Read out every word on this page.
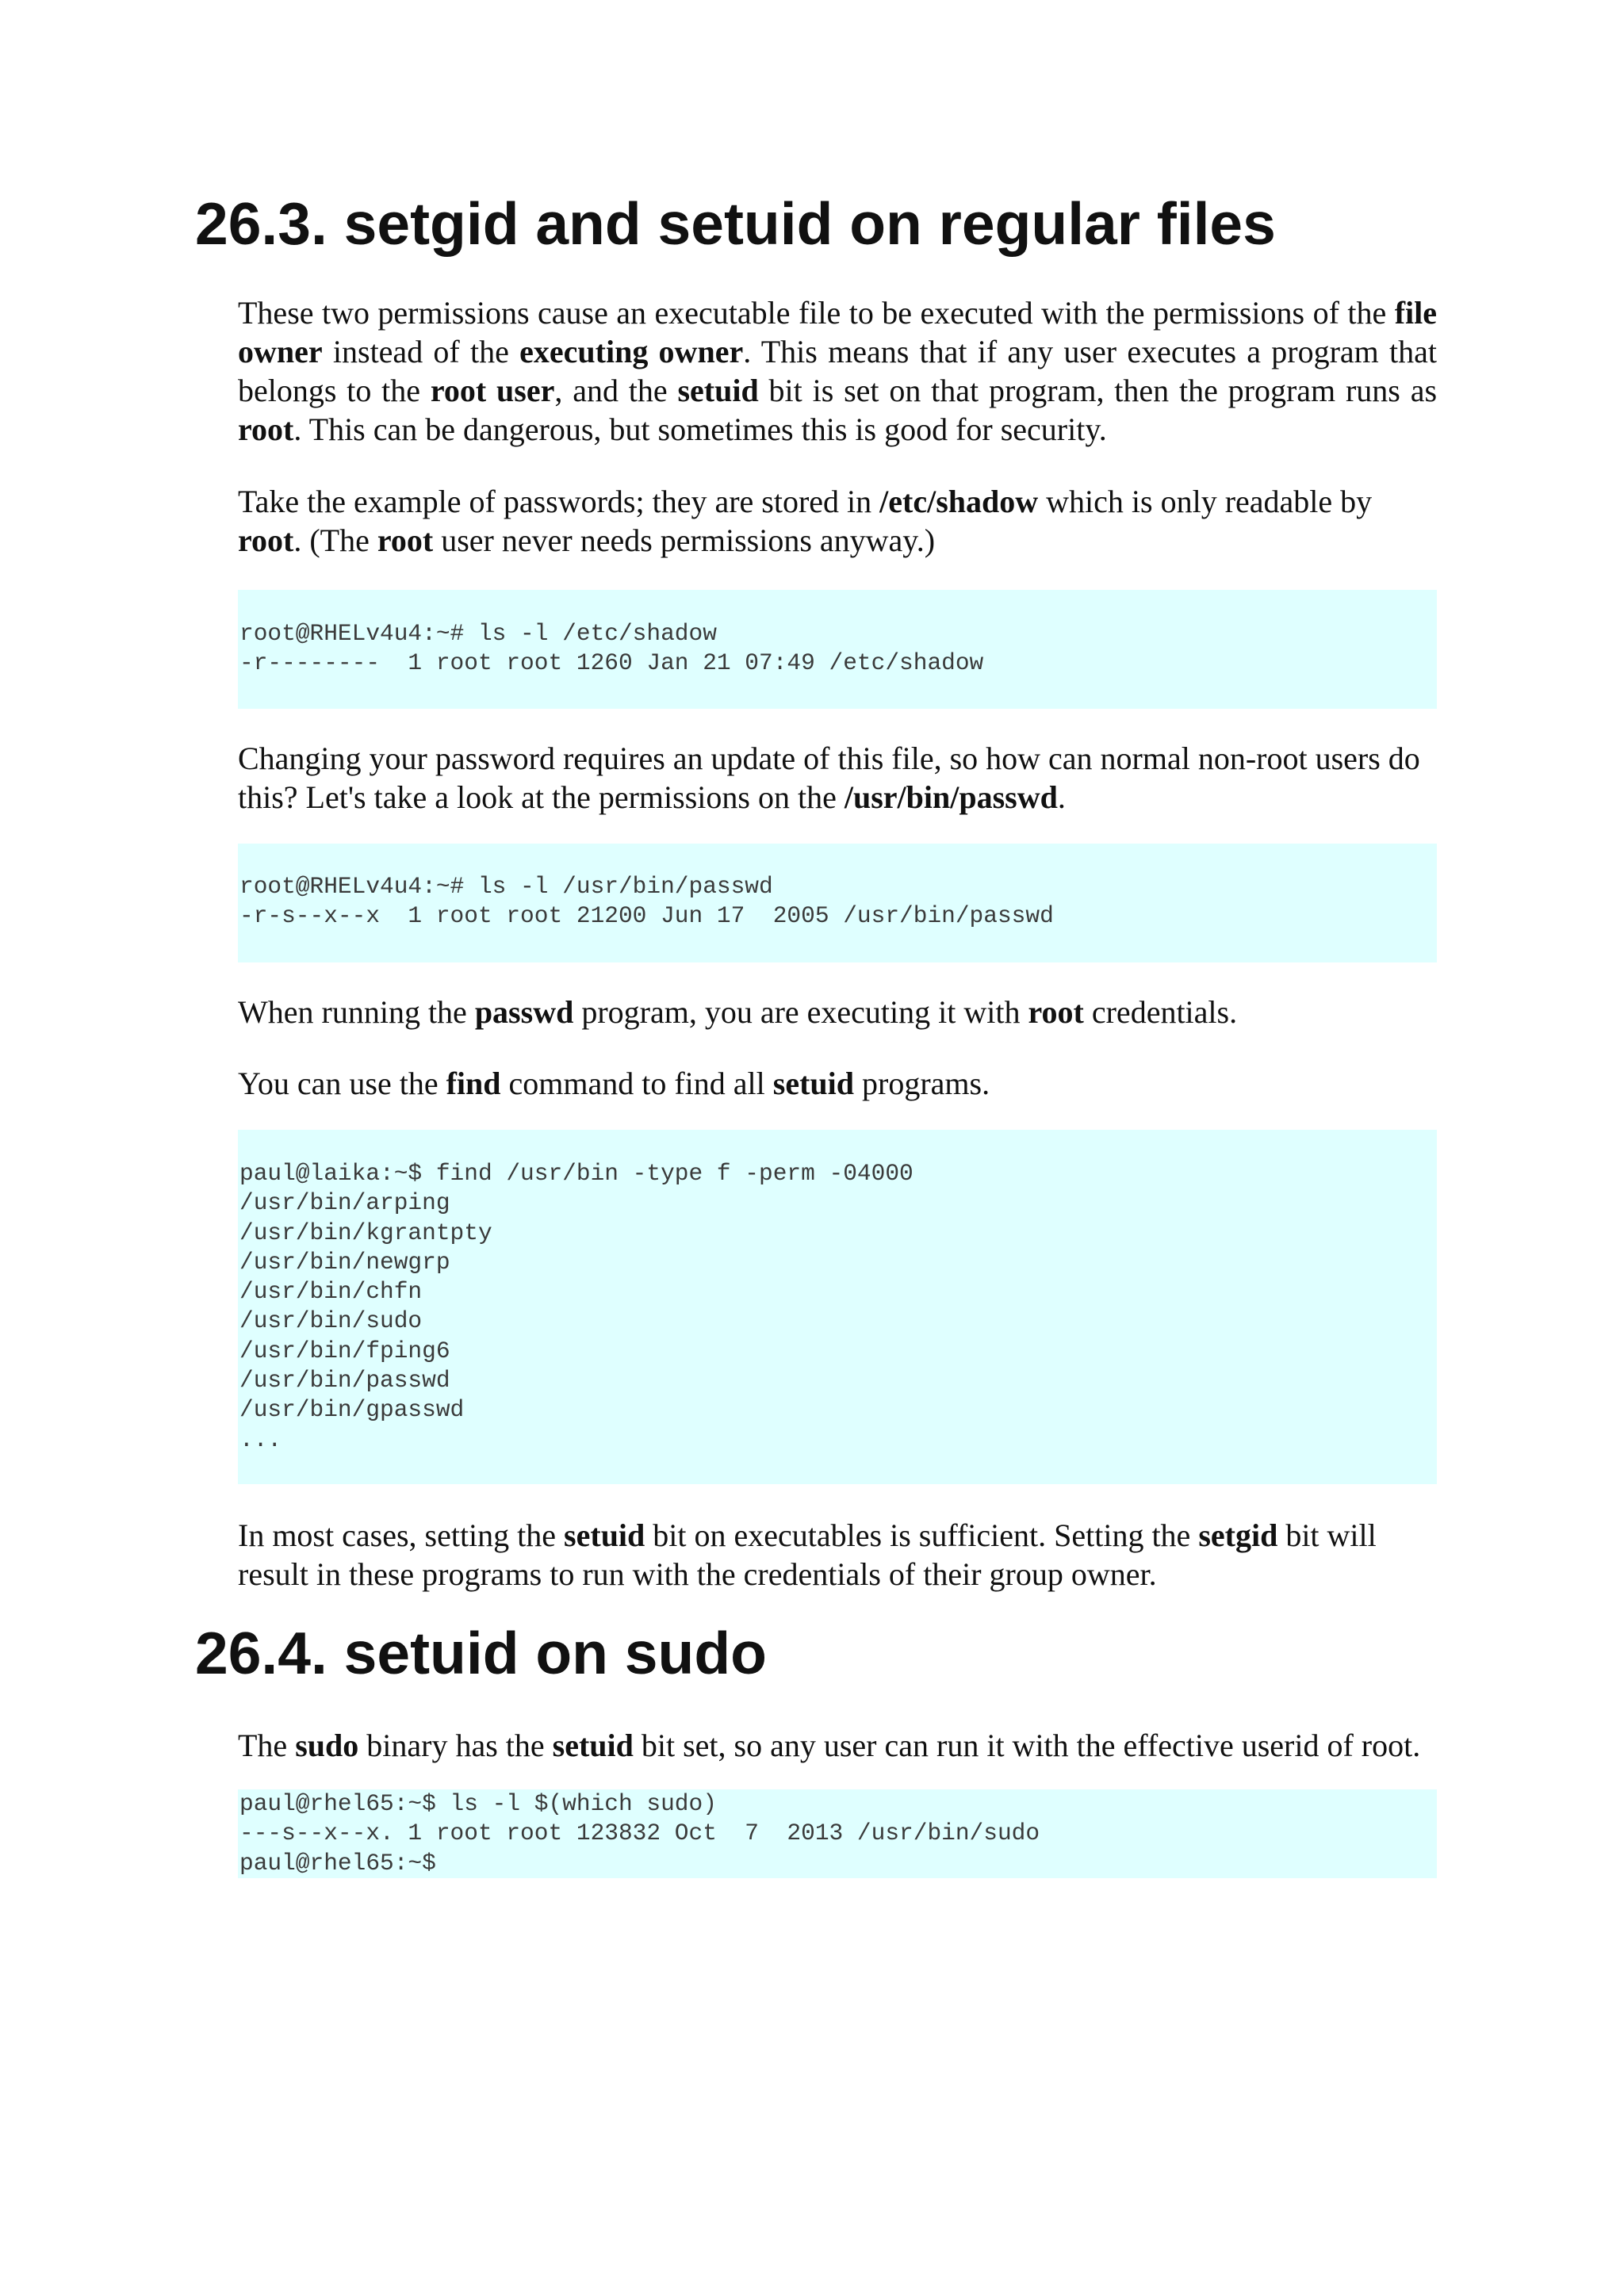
26.3. setgid and setuid on regular files

These two permissions cause an executable file to be executed with the permissions of the file owner instead of the executing owner. This means that if any user executes a program that belongs to the root user, and the setuid bit is set on that program, then the program runs as root. This can be dangerous, but sometimes this is good for security.

Take the example of passwords; they are stored in /etc/shadow which is only readable by root. (The root user never needs permissions anyway.)

root@RHELv4u4:~# ls -l /etc/shadow
-r--------  1 root root 1260 Jan 21 07:49 /etc/shadow

Changing your password requires an update of this file, so how can normal non-root users do this? Let's take a look at the permissions on the /usr/bin/passwd.

root@RHELv4u4:~# ls -l /usr/bin/passwd
-r-s--x--x  1 root root 21200 Jun 17  2005 /usr/bin/passwd

When running the passwd program, you are executing it with root credentials.

You can use the find command to find all setuid programs.

paul@laika:~$ find /usr/bin -type f -perm -04000
/usr/bin/arping
/usr/bin/kgrantpty
/usr/bin/newgrp
/usr/bin/chfn
/usr/bin/sudo
/usr/bin/fping6
/usr/bin/passwd
/usr/bin/gpasswd
...

In most cases, setting the setuid bit on executables is sufficient. Setting the setgid bit will result in these programs to run with the credentials of their group owner.

26.4. setuid on sudo

The sudo binary has the setuid bit set, so any user can run it with the effective userid of root.

paul@rhel65:~$ ls -l $(which sudo)
---s--x--x. 1 root root 123832 Oct  7  2013 /usr/bin/sudo
paul@rhel65:~$
